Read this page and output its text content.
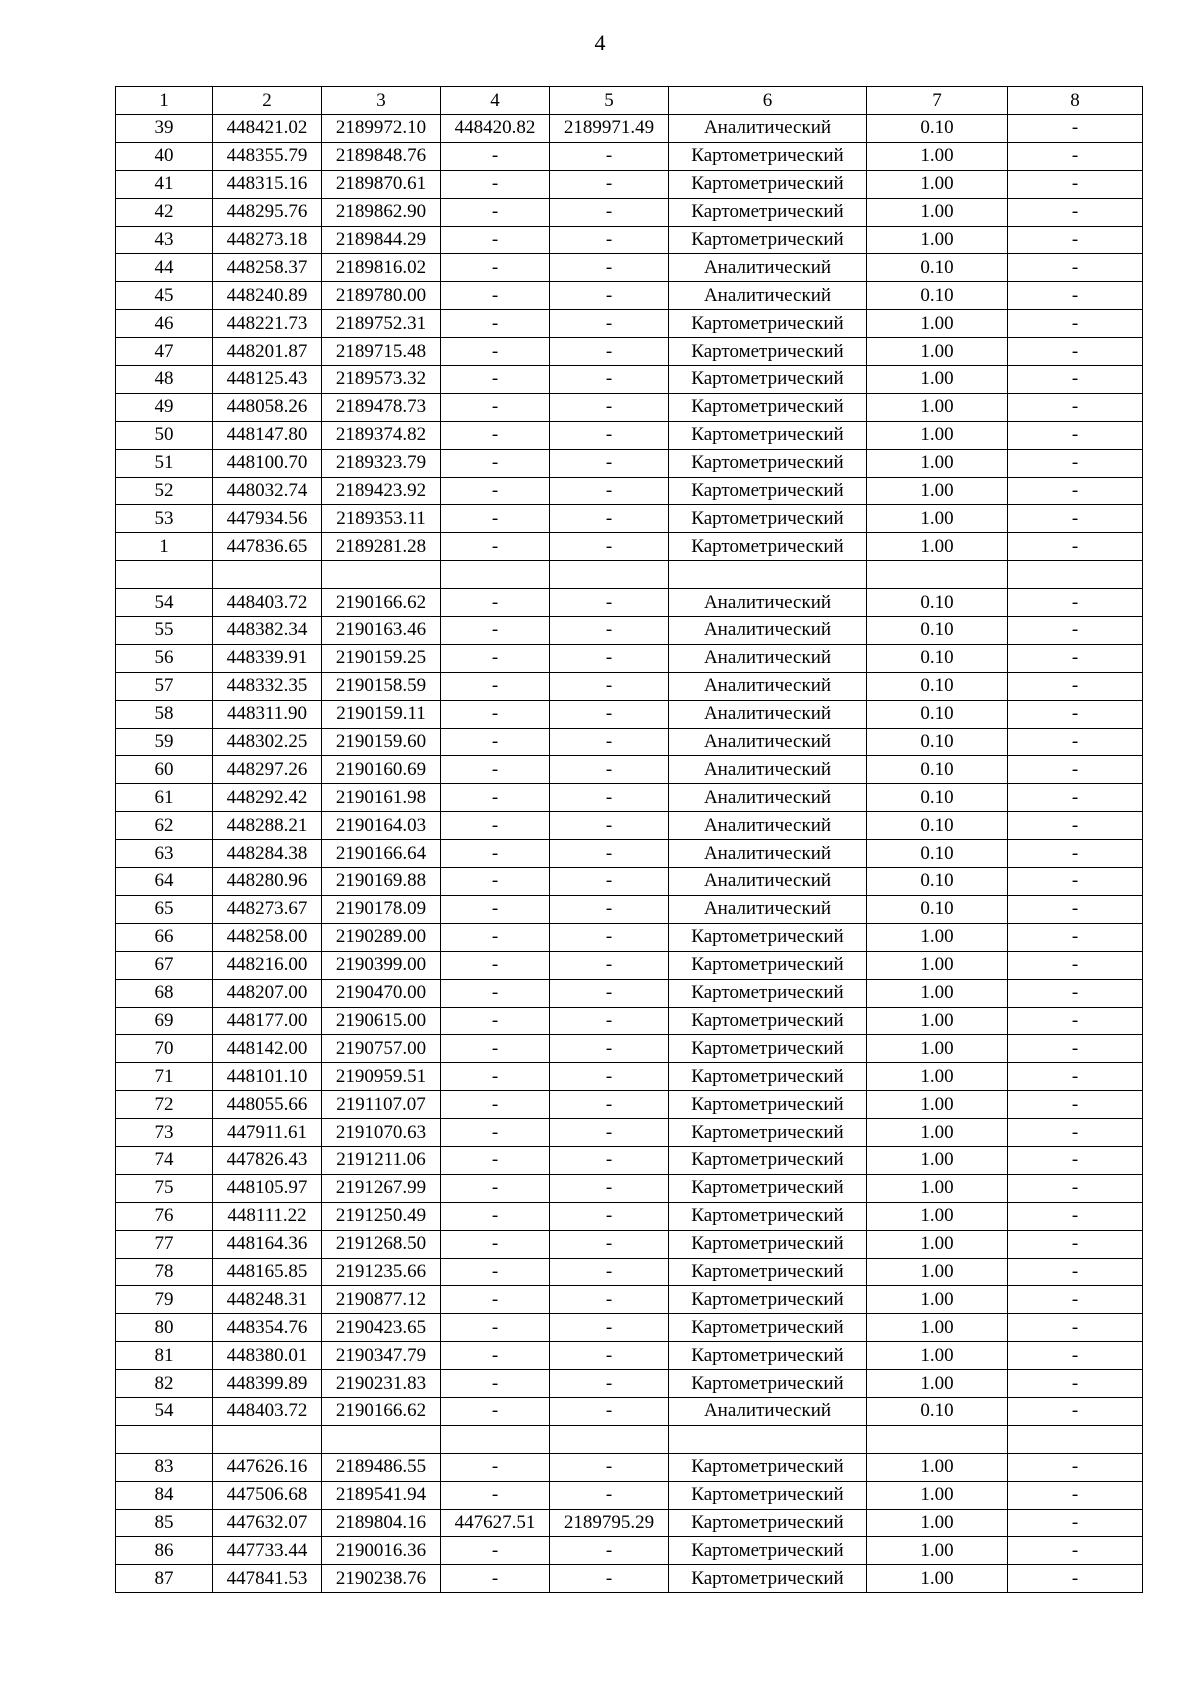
4
1	2	3	4	5	6	7	8
39	448421.02	2189972.10	448420.82	2189971.49	Аналитический	0.10	-
40	448355.79	2189848.76	-	-	Картометрический	1.00	-
41	448315.16	2189870.61	-	-	Картометрический	1.00	-
42	448295.76	2189862.90	-	-	Картометрический	1.00	-
43	448273.18	2189844.29	-	-	Картометрический	1.00	-
44	448258.37	2189816.02	-	-	Аналитический	0.10	-
45	448240.89	2189780.00	-	-	Аналитический	0.10	-
46	448221.73	2189752.31	-	-	Картометрический	1.00	-
47	448201.87	2189715.48	-	-	Картометрический	1.00	-
48	448125.43	2189573.32	-	-	Картометрический	1.00	-
49	448058.26	2189478.73	-	-	Картометрический	1.00	-
50	448147.80	2189374.82	-	-	Картометрический	1.00	-
51	448100.70	2189323.79	-	-	Картометрический	1.00	-
52	448032.74	2189423.92	-	-	Картометрический	1.00	-
53	447934.56	2189353.11	-	-	Картометрический	1.00	-
1	447836.65	2189281.28	-	-	Картометрический	1.00	-

54	448403.72	2190166.62	-	-	Аналитический	0.10	-
55	448382.34	2190163.46	-	-	Аналитический	0.10	-
56	448339.91	2190159.25	-	-	Аналитический	0.10	-
57	448332.35	2190158.59	-	-	Аналитический	0.10	-
58	448311.90	2190159.11	-	-	Аналитический	0.10	-
59	448302.25	2190159.60	-	-	Аналитический	0.10	-
60	448297.26	2190160.69	-	-	Аналитический	0.10	-
61	448292.42	2190161.98	-	-	Аналитический	0.10	-
62	448288.21	2190164.03	-	-	Аналитический	0.10	-
63	448284.38	2190166.64	-	-	Аналитический	0.10	-
64	448280.96	2190169.88	-	-	Аналитический	0.10	-
65	448273.67	2190178.09	-	-	Аналитический	0.10	-
66	448258.00	2190289.00	-	-	Картометрический	1.00	-
67	448216.00	2190399.00	-	-	Картометрический	1.00	-
68	448207.00	2190470.00	-	-	Картометрический	1.00	-
69	448177.00	2190615.00	-	-	Картометрический	1.00	-
70	448142.00	2190757.00	-	-	Картометрический	1.00	-
71	448101.10	2190959.51	-	-	Картометрический	1.00	-
72	448055.66	2191107.07	-	-	Картометрический	1.00	-
73	447911.61	2191070.63	-	-	Картометрический	1.00	-
74	447826.43	2191211.06	-	-	Картометрический	1.00	-
75	448105.97	2191267.99	-	-	Картометрический	1.00	-
76	448111.22	2191250.49	-	-	Картометрический	1.00	-
77	448164.36	2191268.50	-	-	Картометрический	1.00	-
78	448165.85	2191235.66	-	-	Картометрический	1.00	-
79	448248.31	2190877.12	-	-	Картометрический	1.00	-
80	448354.76	2190423.65	-	-	Картометрический	1.00	-
81	448380.01	2190347.79	-	-	Картометрический	1.00	-
82	448399.89	2190231.83	-	-	Картометрический	1.00	-
54	448403.72	2190166.62	-	-	Аналитический	0.10	-

83	447626.16	2189486.55	-	-	Картометрический	1.00	-
84	447506.68	2189541.94	-	-	Картометрический	1.00	-
85	447632.07	2189804.16	447627.51	2189795.29	Картометрический	1.00	-
86	447733.44	2190016.36	-	-	Картометрический	1.00	-
87	447841.53	2190238.76	-	-	Картометрический	1.00	-
